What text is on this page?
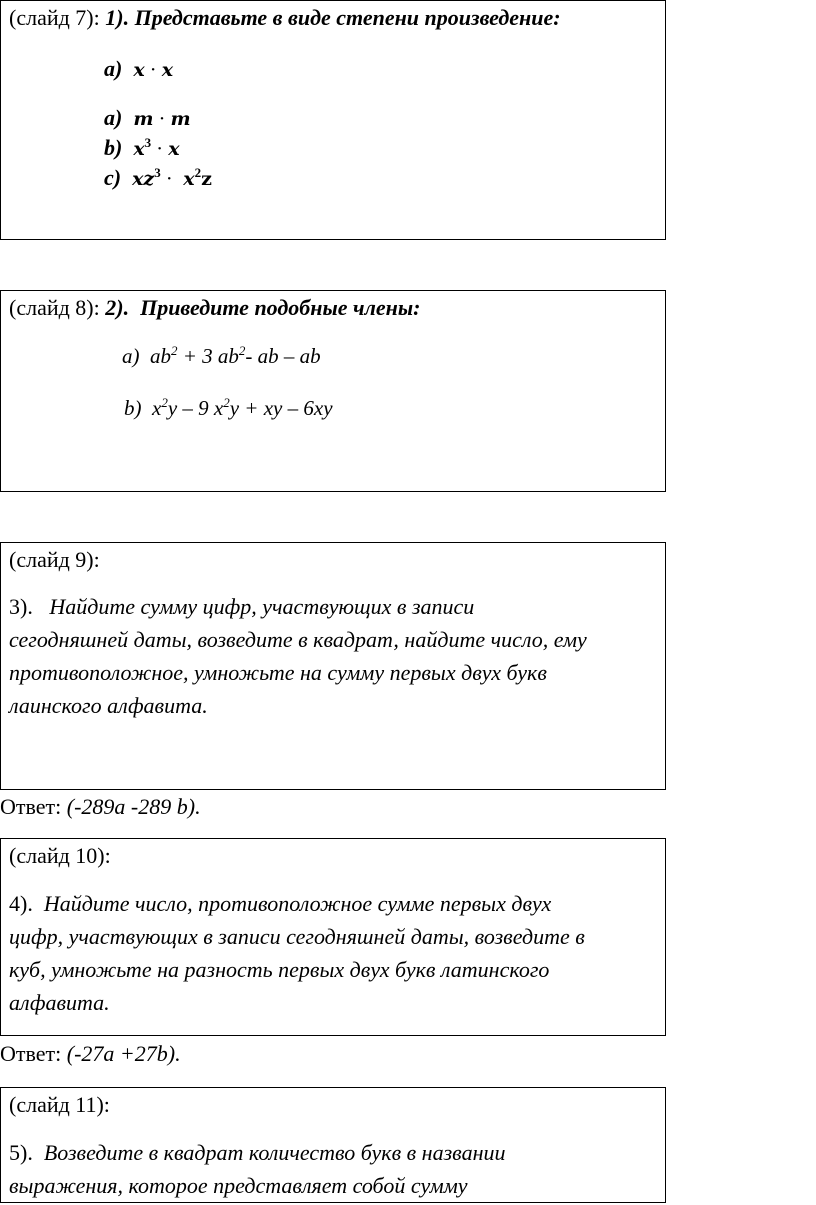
(слайд 7): 1). Представьте в виде степени произведение:
a) x · x
a) m · m
b) $x^3 \cdot x$
c) $xz^3 \cdot x^2z$
(слайд 8): 2). Приведите подобные члены:
a) $ab^2 + 3$ $ab^2-$ ab – ab
b) $x^2y - 9$ $x^2y$ + xy – 6xy
(слайд 9):
3). Найдите сумму цифр, участвующих в записи
сегодняшней даты, возведите в квадрат, найдите число, ему
противоположное, умножьте на сумму первых двух букв
лаинского алфавита.
Ответ: (-289a -289 b).
(слайд 10):
4). Найдите число, противоположное сумме первых двух
цифр, участвующих в записи сегодняшней даты, возведите в
куб, умножьте на разность первых двух букв латинского
алфавита.
Ответ: (-27a +27b).
(слайд 11):
5). Возведите в квадрат количество букв в названии
выражения, которое представляет собой сумму
